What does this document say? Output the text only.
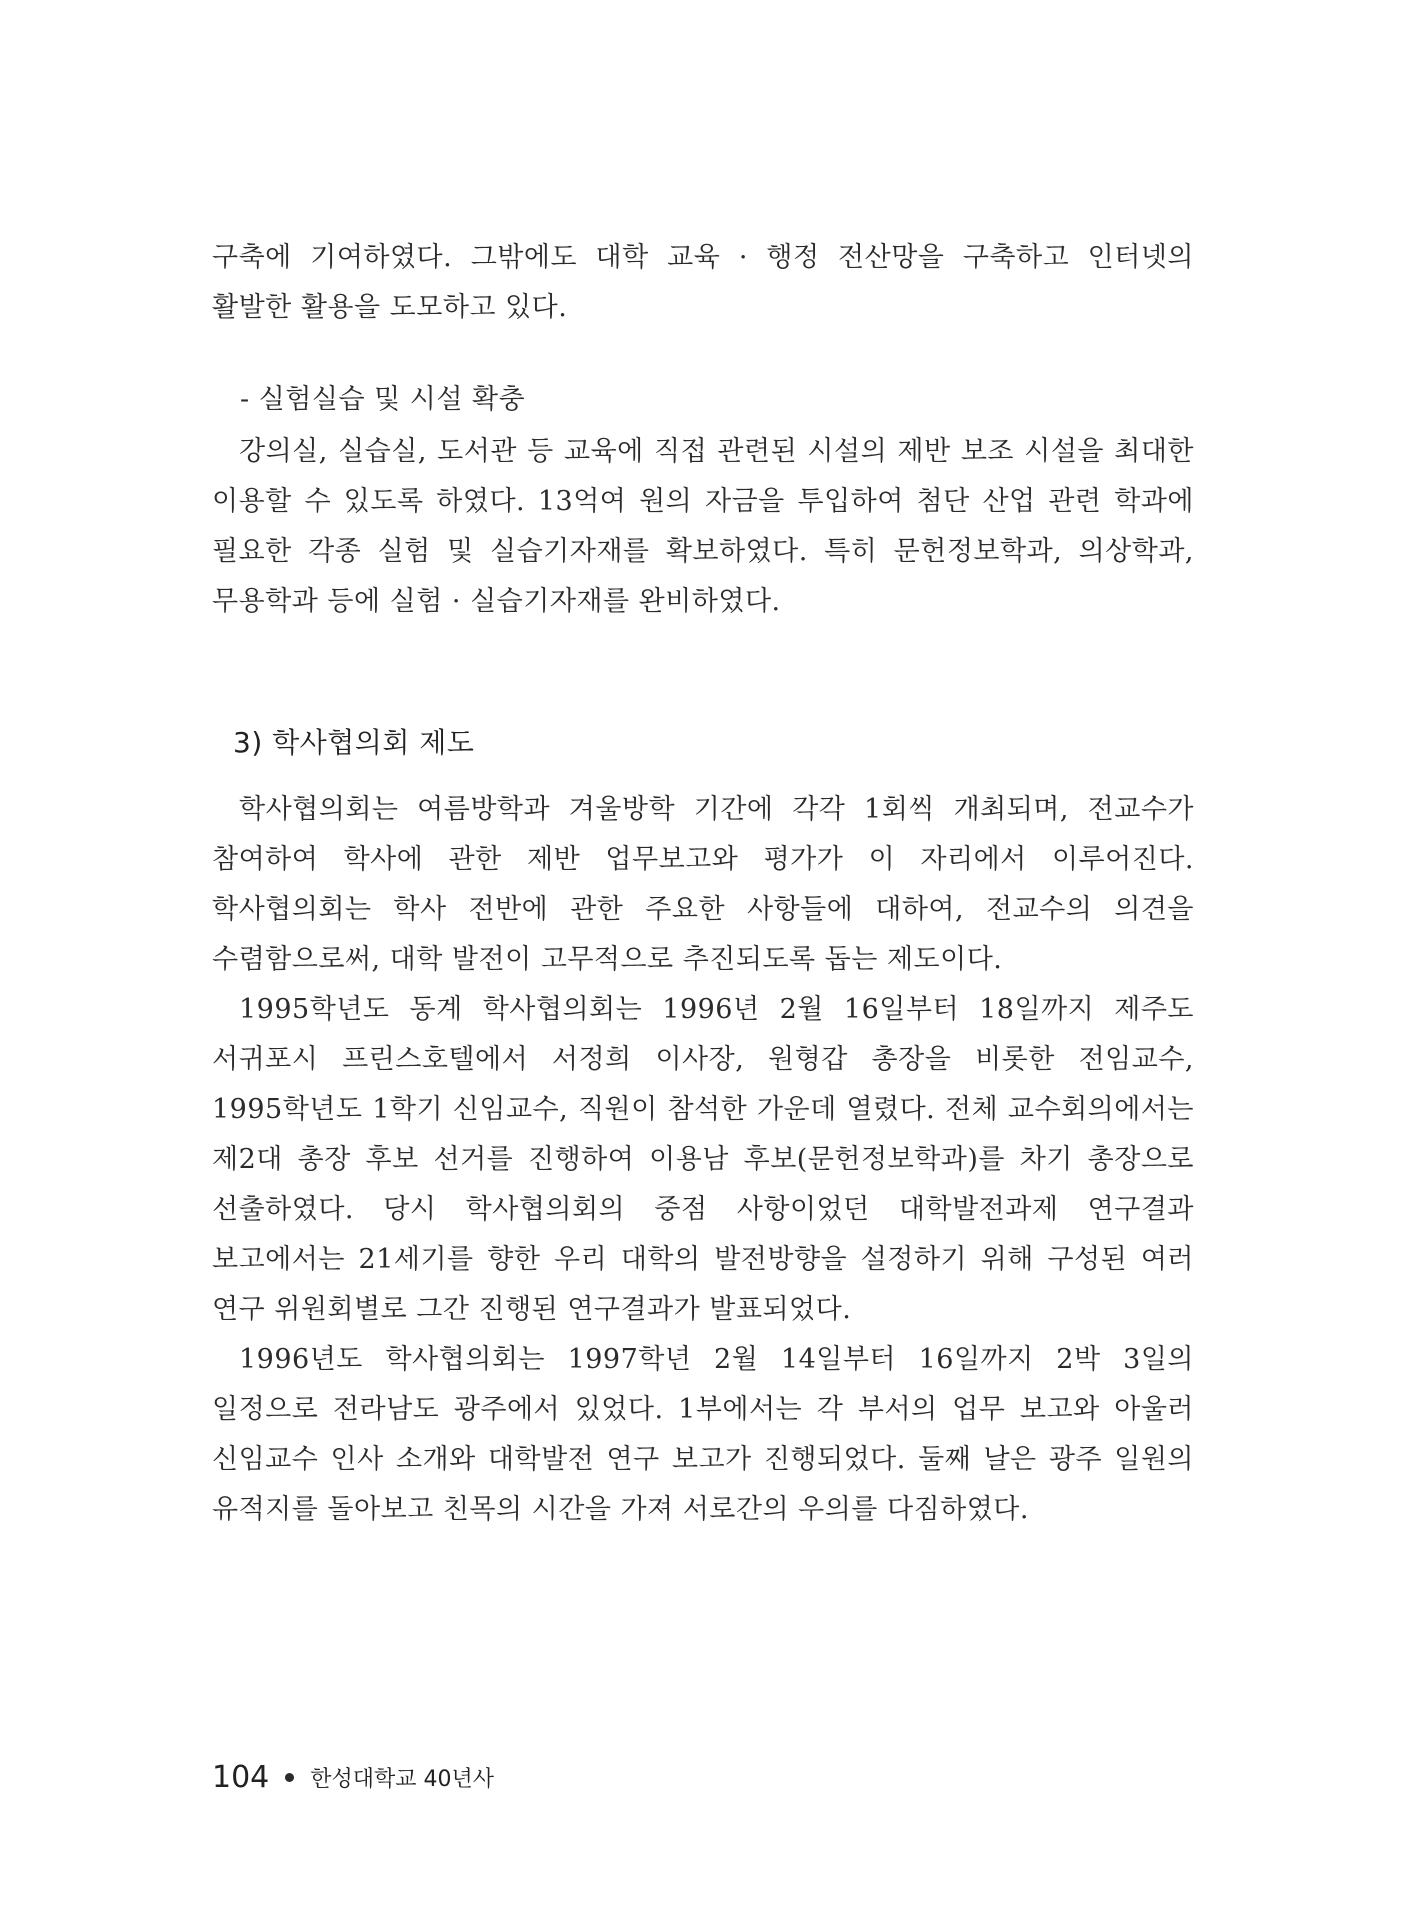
구축에 기여하였다. 그밖에도 대학 교육 · 행정 전산망을 구축하고 인터넷의 활발한 활용을 도모하고 있다.

- 실험실습 및 시설 확충

강의실, 실습실, 도서관 등 교육에 직접 관련된 시설의 제반 보조 시설을 최대한 이용할 수 있도록 하였다. 13억여 원의 자금을 투입하여 첨단 산업 관련 학과에 필요한 각종 실험 및 실습기자재를 확보하였다. 특히 문헌정보학과, 의상학과, 무용학과 등에 실험 · 실습기자재를 완비하였다.

3) 학사협의회 제도

학사협의회는 여름방학과 겨울방학 기간에 각각 1회씩 개최되며, 전교수가 참여하여 학사에 관한 제반 업무보고와 평가가 이 자리에서 이루어진다. 학사협의회는 학사 전반에 관한 주요한 사항들에 대하여, 전교수의 의견을 수렴함으로써, 대학 발전이 고무적으로 추진되도록 돕는 제도이다.

1995학년도 동계 학사협의회는 1996년 2월 16일부터 18일까지 제주도 서귀포시 프린스호텔에서 서정희 이사장, 원형갑 총장을 비롯한 전임교수, 1995학년도 1학기 신임교수, 직원이 참석한 가운데 열렸다. 전체 교수회의에서는 제2대 총장 후보 선거를 진행하여 이용남 후보(문헌정보학과)를 차기 총장으로 선출하였다. 당시 학사협의회의 중점 사항이었던 대학발전과제 연구결과 보고에서는 21세기를 향한 우리 대학의 발전방향을 설정하기 위해 구성된 여러 연구 위원회별로 그간 진행된 연구결과가 발표되었다.

1996년도 학사협의회는 1997학년 2월 14일부터 16일까지 2박 3일의 일정으로 전라남도 광주에서 있었다. 1부에서는 각 부서의 업무 보고와 아울러 신임교수 인사 소개와 대학발전 연구 보고가 진행되었다. 둘째 날은 광주 일원의 유적지를 돌아보고 친목의 시간을 가져 서로간의 우의를 다짐하였다.

104 한성대학교 40년사
